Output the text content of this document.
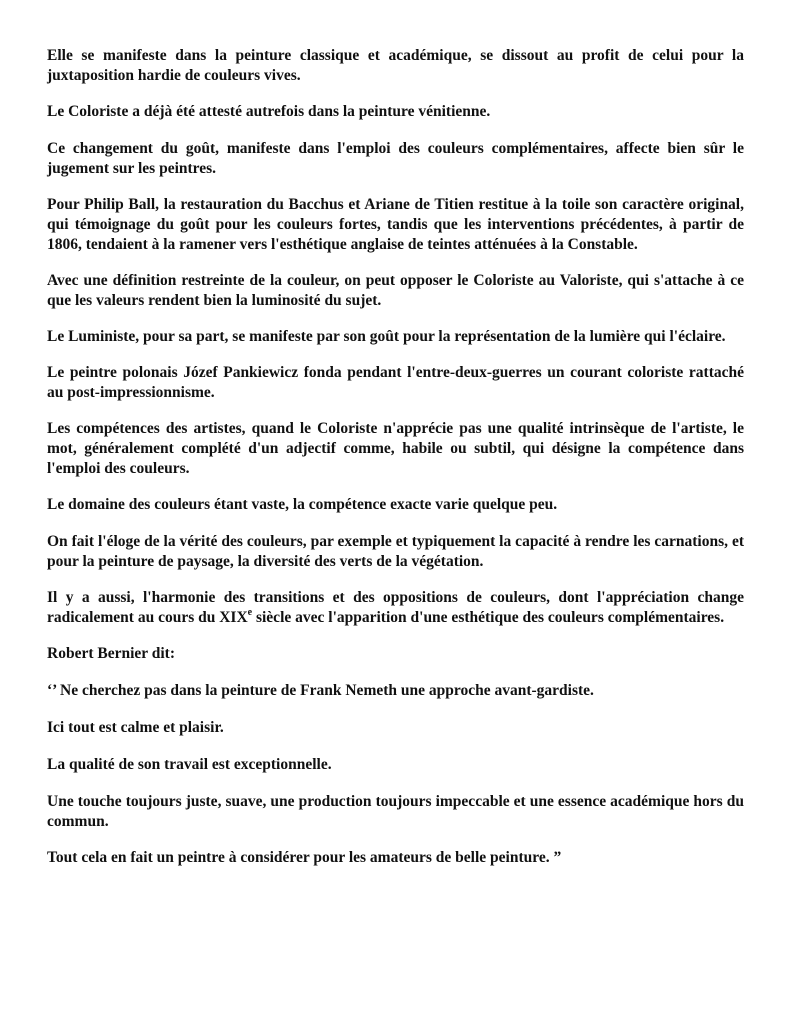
Elle se manifeste dans la peinture classique et académique, se dissout au profit de celui pour la juxtaposition hardie de couleurs vives.

Le Coloriste a déjà été attesté autrefois dans la peinture vénitienne.

Ce changement du goût, manifeste dans l'emploi des couleurs complémentaires, affecte bien sûr le jugement sur les peintres.

Pour Philip Ball, la restauration du Bacchus et Ariane de Titien restitue à la toile son caractère original, qui témoignage du goût pour les couleurs fortes, tandis que les interventions précédentes, à partir de 1806, tendaient à la ramener vers l'esthétique anglaise de teintes atténuées à la Constable.

Avec une définition restreinte de la couleur, on peut opposer le Coloriste au Valoriste, qui s'attache à ce que les valeurs rendent bien la luminosité du sujet.

Le Luministe, pour sa part, se manifeste par son goût pour la représentation de la lumière qui l'éclaire.

Le peintre polonais Józef Pankiewicz fonda pendant l'entre-deux-guerres un courant coloriste rattaché au post-impressionnisme.

Les compétences des artistes, quand le Coloriste n'apprécie pas une qualité intrinsèque de l'artiste, le mot, généralement complété d'un adjectif comme, habile ou subtil, qui désigne la compétence dans l'emploi des couleurs.

Le domaine des couleurs étant vaste, la compétence exacte varie quelque peu.

On fait l'éloge de la vérité des couleurs, par exemple et typiquement la capacité à rendre les carnations, et pour la peinture de paysage, la diversité des verts de la végétation.

Il y a aussi, l'harmonie des transitions et des oppositions de couleurs, dont l'appréciation change radicalement au cours du XIXe siècle avec l'apparition d'une esthétique des couleurs complémentaires.

Robert Bernier dit:

‘’ Ne cherchez pas dans la peinture de Frank Nemeth une approche avant-gardiste.

Ici tout est calme et plaisir.

La qualité de son travail est exceptionnelle.

Une touche toujours juste, suave, une production toujours impeccable et une essence académique hors du commun.

Tout cela en fait un peintre à considérer pour les amateurs de belle peinture. ”
